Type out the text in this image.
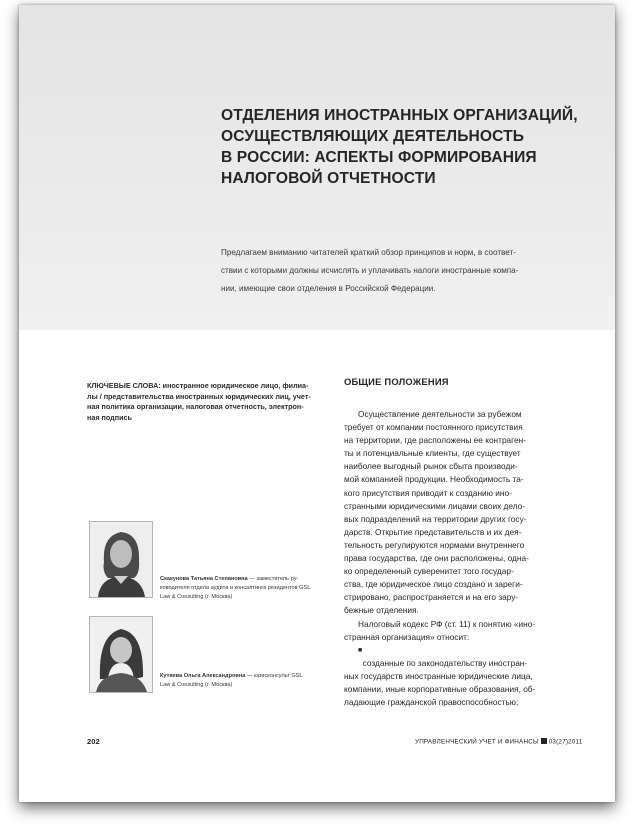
ОТДЕЛЕНИЯ ИНОСТРАННЫХ ОРГАНИЗАЦИЙ,
ОСУЩЕСТВЛЯЮЩИХ ДЕЯТЕЛЬНОСТЬ
В РОССИИ: АСПЕКТЫ ФОРМИРОВАНИЯ
НАЛОГОВОЙ ОТЧЕТНОСТИ
Предлагаем вниманию читателей краткий обзор принципов и норм, в соответ-
ствии с которыми должны исчислять и уплачивать налоги иностранные компа-
нии, имеющие свои отделения в Российской Федерации.
КЛЮЧЕВЫЕ СЛОВА: иностранное юридическое лицо, филиа-
лы / представительства иностранных юридических лиц, учет-
ная политика организации, налоговая отчетность, электрон-
ная подпись
Скакунова Татьяна Степановна — заместитель ру-
ководителя отдела аудита и консалтинга резидентов GSL
Law & Consulting (г. Москва)
Кутяева Ольга Александровна — юрисконсульт GSL
Law & Consulting (г. Москва)
ОБЩИЕ ПОЛОЖЕНИЯ
Осуществление деятельности за рубежом
требует от компании постоянного присутствия
на территории, где расположены ее контраген-
ты и потенциальные клиенты, где существует
наиболее выгодный рынок сбыта производи-
мой компанией продукции. Необходимость та-
кого присутствия приводит к созданию ино-
странными юридическими лицами своих дело-
вых подразделений на территории других госу-
дарств. Открытие представительств и их дея-
тельность регулируются нормами внутреннего
права государства, где они расположены, одна-
ко определенный суверенитет того государ-
ства, где юридическое лицо создано и зареги-
стрировано, распространяется и на его зару-
бежные отделения.
Налоговый кодекс РФ (ст. 11) к понятию «ино-
странная организация» относит:
■
созданные по законодательству иностран-
ных государств иностранные юридические лица,
компании, иные корпоративные образования, об-
ладающие гражданской правоспособностью;
202	УПРАВЛЕНЧЕСКИЙ УЧЕТ И ФИНАНСЫ 03(27)2011
